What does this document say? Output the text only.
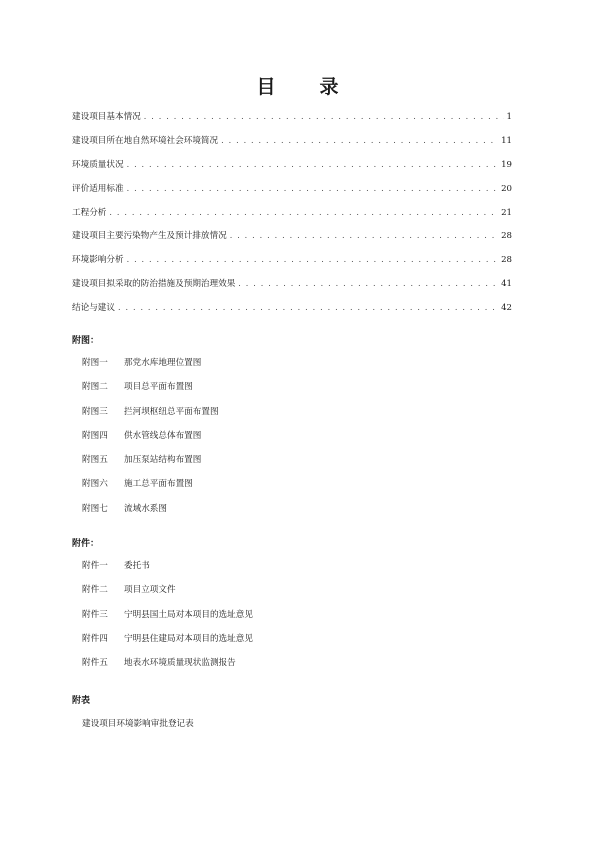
目 录
建设项目基本情况 . . .	1
建设项目所在地自然环境社会环境简况 . . .	11
环境质量状况 . . .	19
评价适用标准 . . .	20
工程分析 . . .	21
建设项目主要污染物产生及预计排放情况 . . .	28
环境影响分析 . . .	28
建设项目拟采取的防治措施及预期治理效果 . . .	41
结论与建议 . . .	42
附图：
附图一	那党水库地理位置图
附图二	项目总平面布置图
附图三	拦河坝枢纽总平面布置图
附图四	供水管线总体布置图
附图五	加压泵站结构布置图
附图六	施工总平面布置图
附图七	流域水系图
附件：
附件一	委托书
附件二	项目立项文件
附件三	宁明县国土局对本项目的选址意见
附件四	宁明县住建局对本项目的选址意见
附件五	地表水环境质量现状监测报告
附表
建设项目环境影响审批登记表
